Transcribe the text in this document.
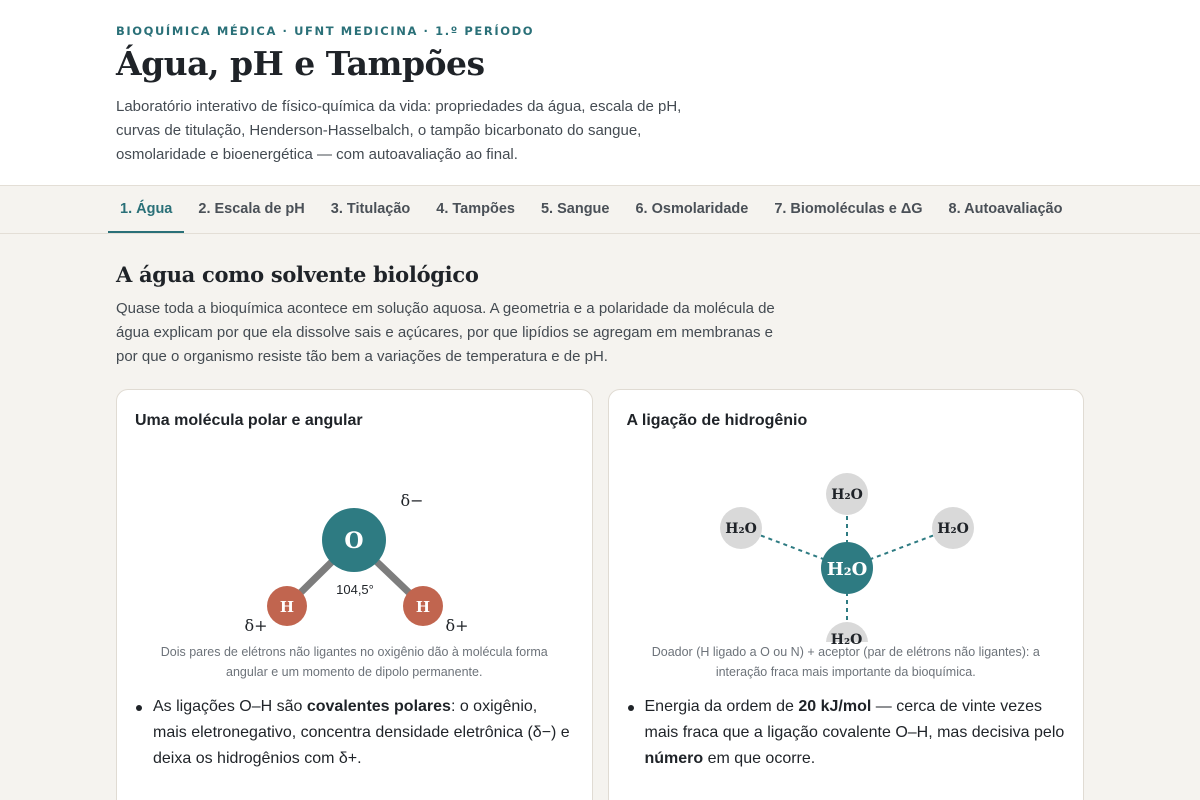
BIOQUÍMICA MÉDICA · UFNT MEDICINA · 1.º PERÍODO
Água, pH e Tampões
Laboratório interativo de físico-química da vida: propriedades da água, escala de pH, curvas de titulação, Henderson-Hasselbalch, o tampão bicarbonato do sangue, osmolaridade e bioenergética — com autoavaliação ao final.
1. Água	2. Escala de pH	3. Titulação	4. Tampões	5. Sangue	6. Osmolaridade	7. Biomoléculas e ΔG	8. Autoavaliação
A água como solvente biológico
Quase toda a bioquímica acontece em solução aquosa. A geometria e a polaridade da molécula de água explicam por que ela dissolve sais e açúcares, por que lipídios se agregam em membranas e por que o organismo resiste tão bem a variações de temperatura e de pH.
Uma molécula polar e angular
O
H	H
104,5°
δ−
δ+	δ+
Dois pares de elétrons não ligantes no oxigênio dão à molécula forma angular e um momento de dipolo permanente.
As ligações O–H são covalentes polares: o oxigênio, mais eletronegativo, concentra densidade eletrônica (δ−) e deixa os hidrogênios com δ+.
A ligação de hidrogênio
H₂O
H₂O	H₂O
H₂O
H₂O
Doador (H ligado a O ou N) + aceptor (par de elétrons não ligantes): a interação fraca mais importante da bioquímica.
Energia da ordem de 20 kJ/mol — cerca de vinte vezes mais fraca que a ligação covalente O–H, mas decisiva pelo número em que ocorre.
